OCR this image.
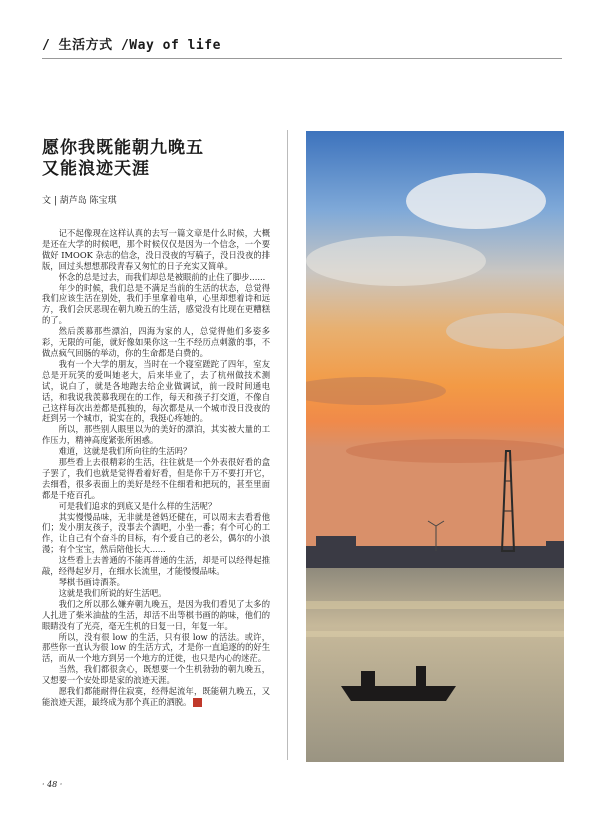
/ 生活方式 /Way of life
愿你我既能朝九晚五
又能浪迹天涯
文 | 葫芦岛 陈宝琪

记不起像现在这样认真的去写一篇文章是什么时候，大概是还在大学的时候吧，那个时候仅仅是因为一个信念，一个要做好 IMOOK 杂志的信念，没日没夜的写稿子，没日没夜的排版，回过头想想那段青春又匆忙的日子充实又简单。

怀念的总是过去，而我们却总是被眼前的止住了脚步......

年少的时候，我们总是不满足当前的生活的状态，总觉得我们应该生活在别处，我们手里拿着电单，心里却想着诗和远方，我们会厌恶现在朝九晚五的生活，感觉没有比现在更糟糕的了。

然后羡慕那些漂泊，四海为家的人，总觉得他们多姿多彩，无限的可能，就好像如果你这一生不经历点刺激的事，不做点疯气回肠的举动，你的生命都是白费的。

我有一个大学的朋友，当时在一个寝室蹉跎了四年，室友总是开玩笑的爱叫她老大，后来毕业了，去了杭州做技术测试，说白了，就是各地跑去给企业做调试，前一段时间通电话，和我说我羡慕我现在的工作，每天和孩子打交道，不像自己这样每次出差都是孤独的，每次都是从一个城市没日没夜的赶到另一个城市，说实在的，我挺心疼她的。

所以，那些别人眼里以为的美好的漂泊，其实被大量的工作压力，精神高度紧张所困惑。

难道，这就是我们所向往的生活吗？

那些看上去很精彩的生活，往往就是一个外表很好看的盒子罢了，我们也就是觉得看着好看，但是你千万不要打开它，去细看，很多表面上的美好是经不住细看和把玩的，甚至里面都是千疮百孔。

可是我们追求的到底又是什么样的生活呢？

其实慢慢品味，无非就是爸妈还健在，可以周末去看看他们；发小朋友孩子，没事去个酒吧，小坐一番；有个可心的工作，让自己有个奋斗的目标，有个爱自己的老公，偶尔的小浪漫；有个宝宝，然后陪他长大......

这些看上去普通的不能再普通的生活，却是可以经得起推敲，经得起岁月，在细水长流里，才能慢慢品味。

琴棋书画诗酒茶。

这就是我们所说的好生活吧。

我们之所以那么嫌弃朝九晚五，是因为我们看见了太多的人扎进了柴米油盐的生活，却活不出等棋书画的韵味，他们的眼睛没有了光亮，毫无生机的日复一日，年复一年。

所以，没有很 low 的生活，只有很 low 的活法。或许，那些你一直认为很 low 的生活方式，才是你一直追逐的的好生活，而从一个地方到另一个地方的迁徙，也只是内心的迷茫。

当然，我们都很贪心，既想要一个生机勃勃的朝九晚五，又想要一个安处即是家的浪迹天涯。

愿我们都能耐得住寂寞，经得起流年，既能朝九晚五，又能浪迹天涯，最终成为那个真正的洒脱。	美

· 48 ·
